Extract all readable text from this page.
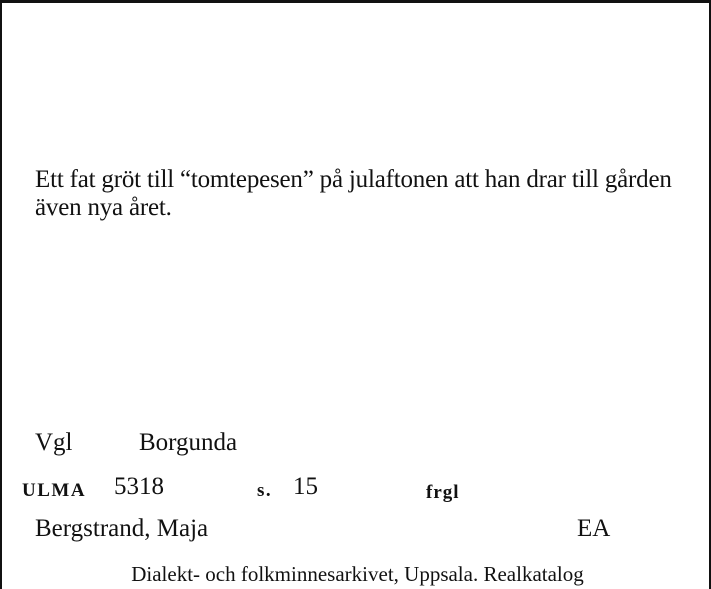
Ett fat gröt till “tomtepesen” på julaftonen att han drar till gården även nya året.
Vgl	Borgunda
ULMA 5318	s. 15	frgl
Bergstrand, Maja	EA
Dialekt- och folkminnesarkivet, Uppsala. Realkatalog
